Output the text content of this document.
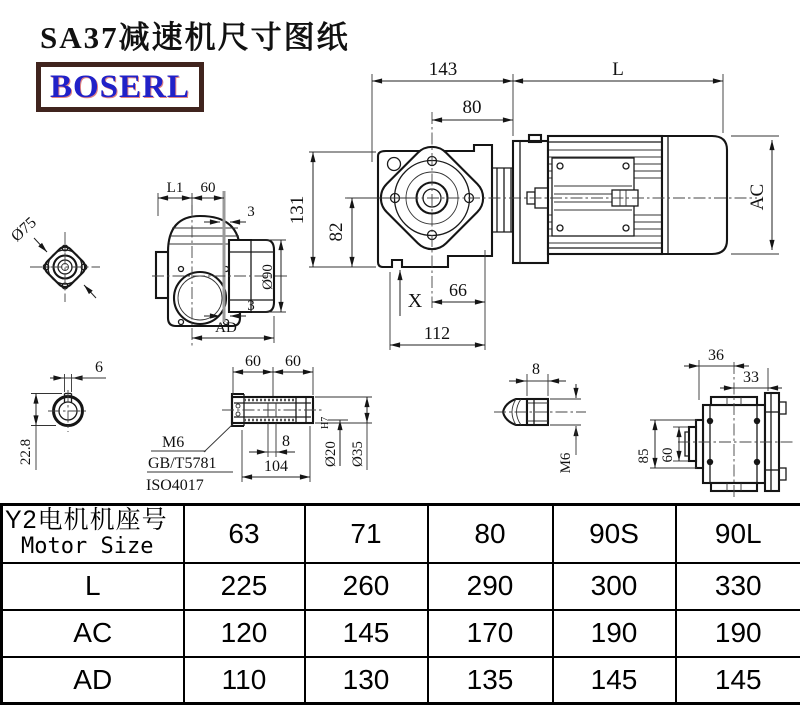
SA37减速机尺寸图纸
BOSERL	143	L
80
131
82
X 66
112
AC
Ø75
L1 60
3
3
Ø90
AD
6
22.8
60 60
8
104 Ø20
H7
Ø35
M6
GB/T5781
ISO4017
8
M6
36
33
85 60
Y2电机机座号
Motor Size	63	71	80	90S	90L
L	225	260	290	300	330
AC	120	145	170	190	190
AD	110	130	135	145	145
